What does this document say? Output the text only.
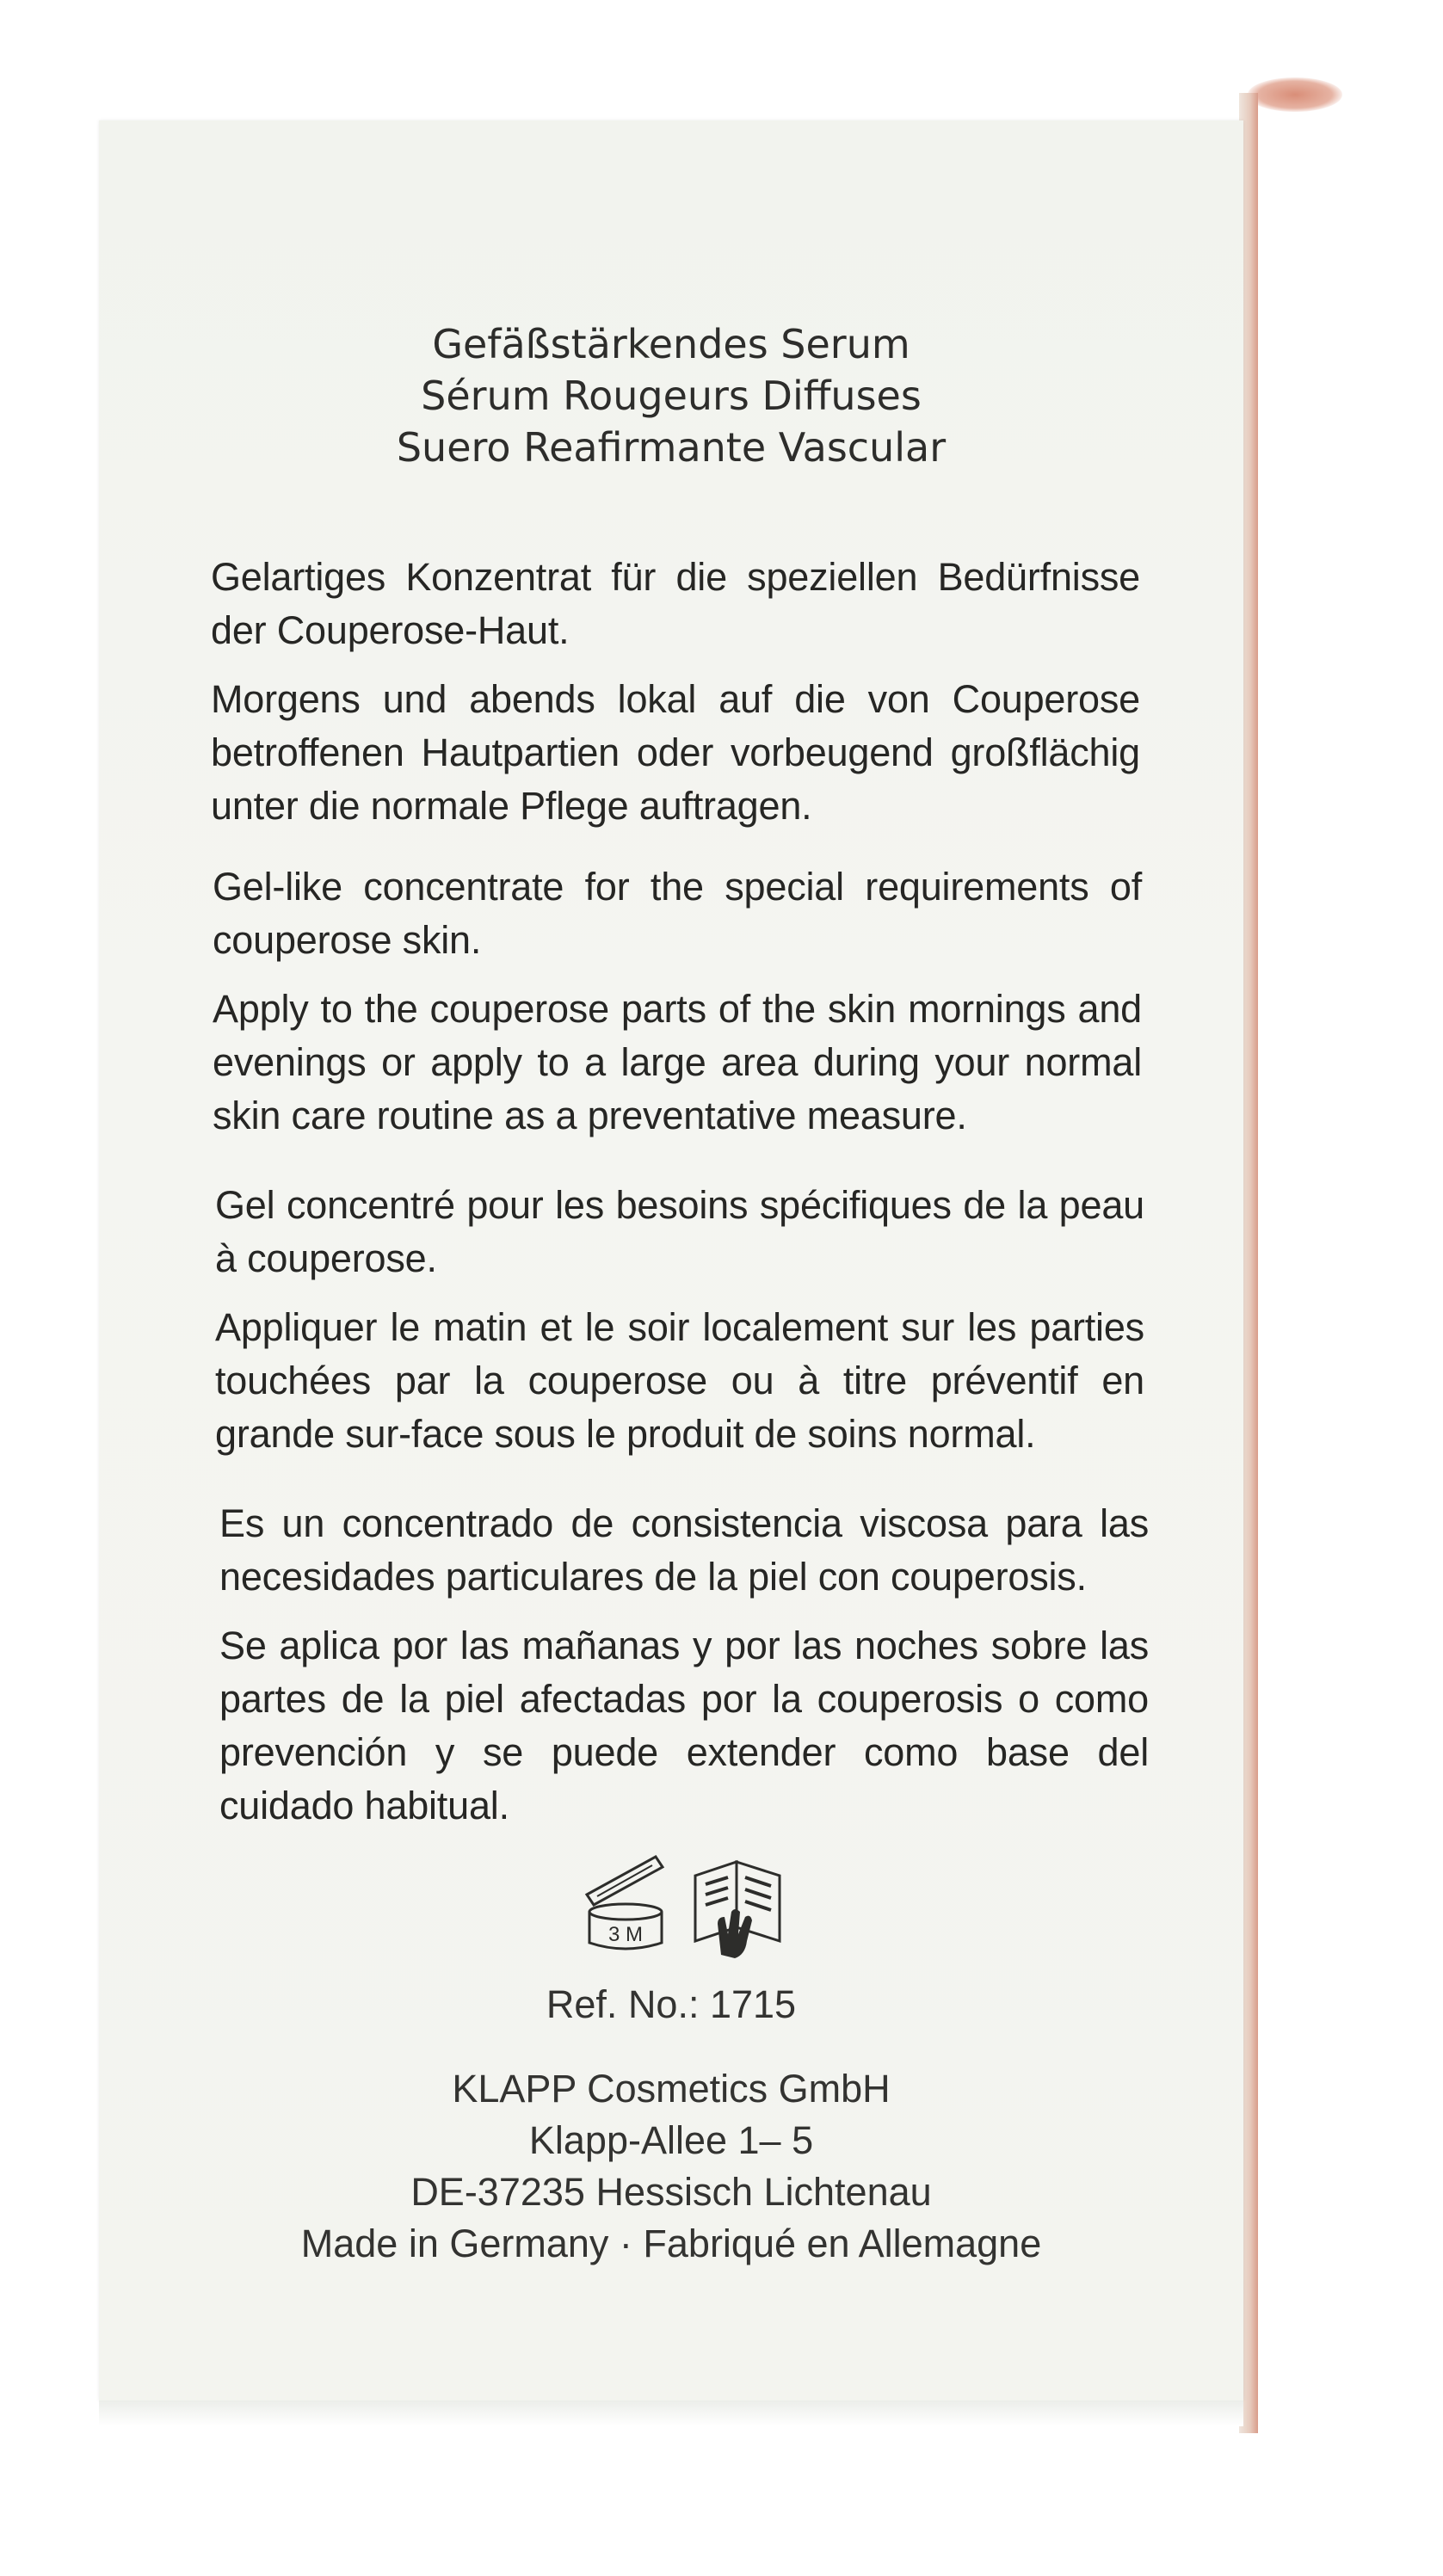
Gefäßstärkendes Serum
Sérum Rougeurs Diffuses
Suero Reafirmante Vascular

Gelartiges Konzentrat für die speziellen Bedürfnisse der Couperose-Haut.

Morgens und abends lokal auf die von Couperose betroffenen Hautpartien oder vorbeugend großflächig unter die normale Pflege auftragen.

Gel-like concentrate for the special requirements of couperose skin.

Apply to the couperose parts of the skin mornings and evenings or apply to a large area during your normal skin care routine as a preventative measure.

Gel concentré pour les besoins spécifiques de la peau à couperose.

Appliquer le matin et le soir localement sur les parties touchées par la couperose ou à titre préventif en grande sur-face sous le produit de soins normal.

Es un concentrado de consistencia viscosa para las necesidades particulares de la piel con couperosis.

Se aplica por las mañanas y por las noches sobre las partes de la piel afectadas por la couperosis o como prevención y se puede extender como base del cuidado habitual.

3 M
Ref. No.: 1715
KLAPP Cosmetics GmbH
Klapp-Allee 1– 5
DE-37235 Hessisch Lichtenau
Made in Germany · Fabriqué en Allemagne
